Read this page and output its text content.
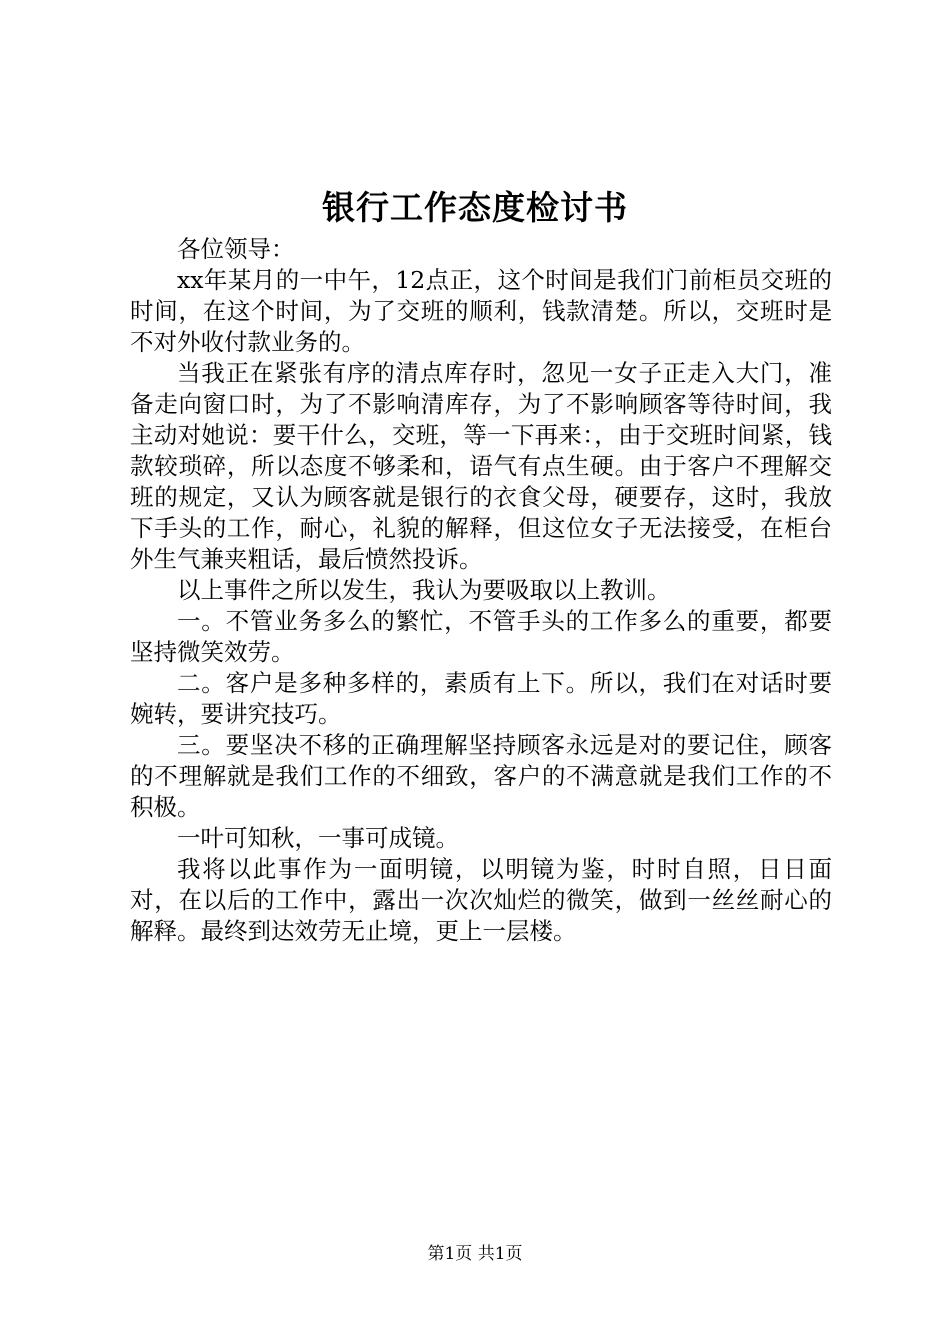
银行工作态度检讨书

各位领导：

xx年某月的一中午，12点正，这个时间是我们门前柜员交班的时间，在这个时间，为了交班的顺利，钱款清楚。所以，交班时是不对外收付款业务的。

当我正在紧张有序的清点库存时，忽见一女子正走入大门，准备走向窗口时，为了不影响清库存，为了不影响顾客等待时间，我主动对她说：要干什么，交班，等一下再来：，由于交班时间紧，钱款较琐碎，所以态度不够柔和，语气有点生硬。由于客户不理解交班的规定，又认为顾客就是银行的衣食父母，硬要存，这时，我放下手头的工作，耐心，礼貌的解释，但这位女子无法接受，在柜台外生气兼夹粗话，最后愤然投诉。

以上事件之所以发生，我认为要吸取以上教训。

一。不管业务多么的繁忙，不管手头的工作多么的重要，都要坚持微笑效劳。

二。客户是多种多样的，素质有上下。所以，我们在对话时要婉转，要讲究技巧。

三。要坚决不移的正确理解坚持顾客永远是对的要记住，顾客的不理解就是我们工作的不细致，客户的不满意就是我们工作的不积极。

一叶可知秋，一事可成镜。

我将以此事作为一面明镜，以明镜为鉴，时时自照，日日面对，在以后的工作中，露出一次次灿烂的微笑，做到一丝丝耐心的解释。最终到达效劳无止境，更上一层楼。

第1页 共1页
